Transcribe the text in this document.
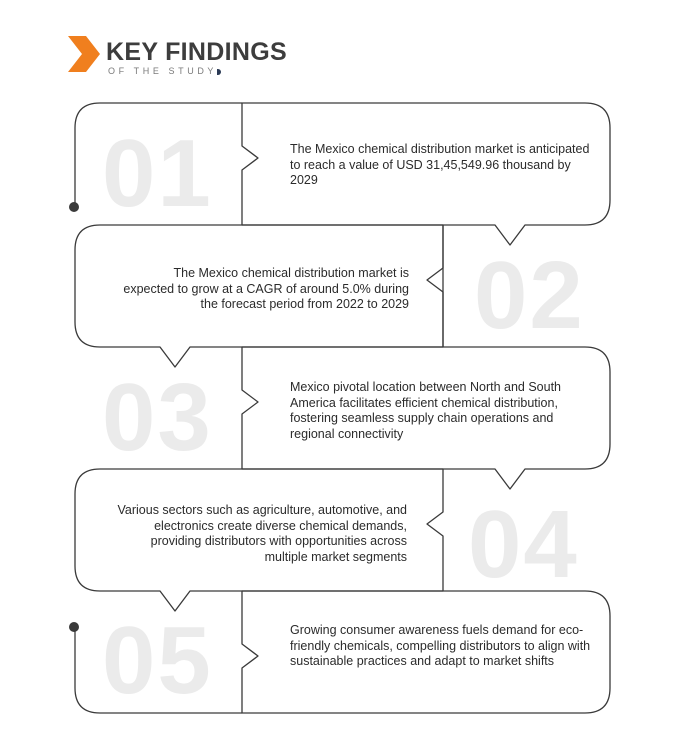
KEY FINDINGS
OF THE STUDY
01	The Mexico chemical distribution market is anticipated to reach a value of USD 31,45,549.96 thousand by 2029
02
The Mexico chemical distribution market is expected to grow at a CAGR of around 5.0% during the forecast period from 2022 to 2029
03	Mexico pivotal location between North and South America facilitates efficient chemical distribution, fostering seamless supply chain operations and regional connectivity
04
Various sectors such as agriculture, automotive, and electronics create diverse chemical demands, providing distributors with opportunities across multiple market segments
05	Growing consumer awareness fuels demand for eco-friendly chemicals, compelling distributors to align with sustainable practices and adapt to market shifts
